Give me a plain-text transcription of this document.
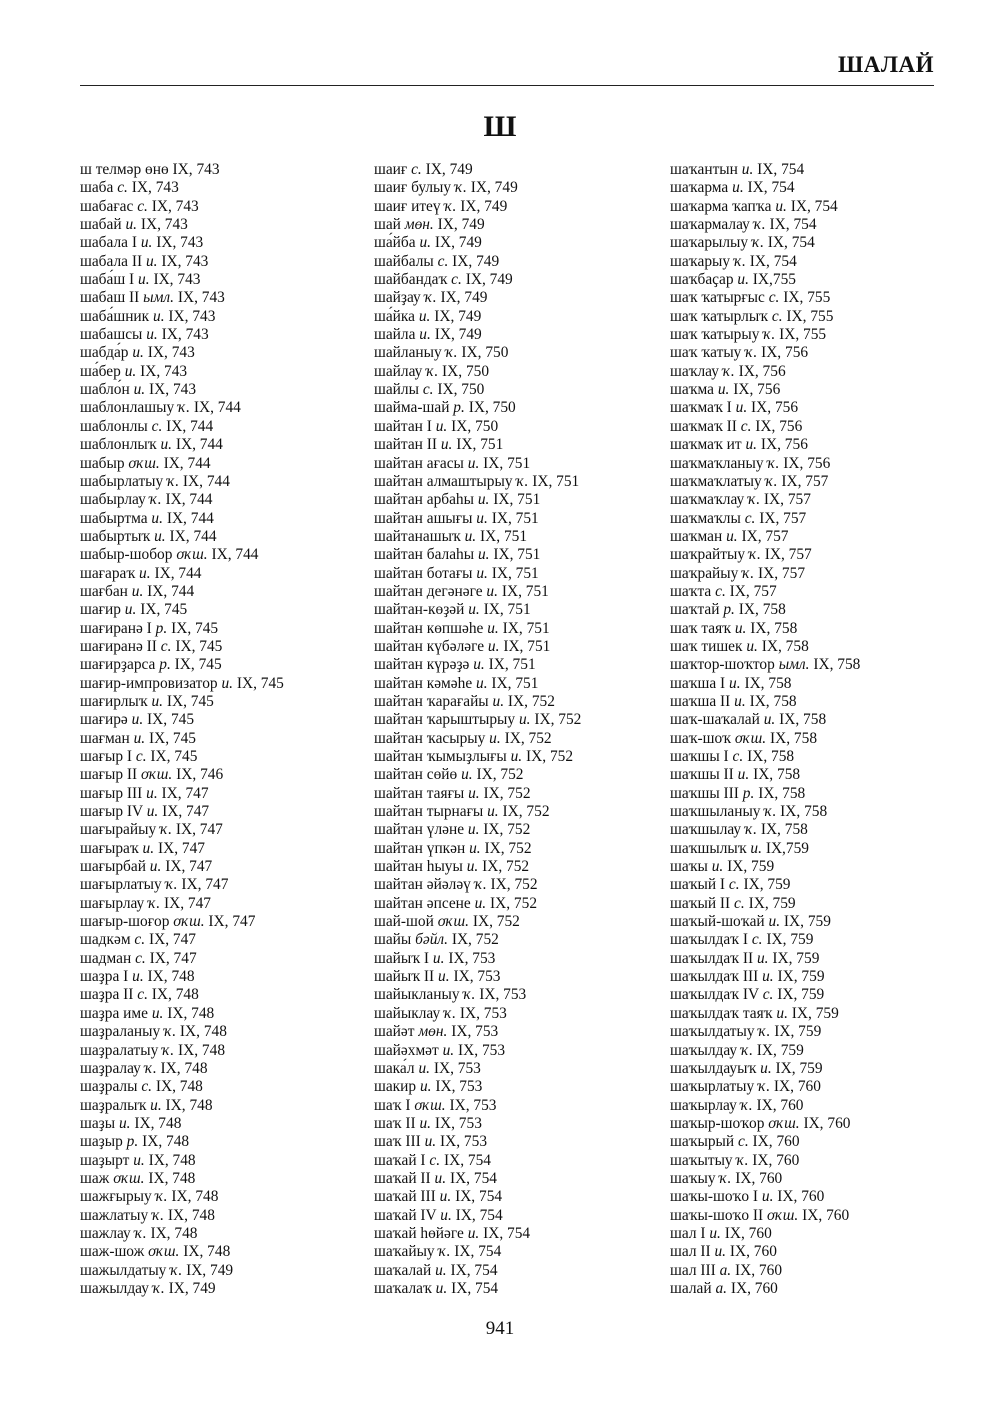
ШАЛАЙ
Ш
ш телмәр өнө IX, 743
шаба с. IX, 743
шабағас с. IX, 743
шабай и. IX, 743
шабала I и. IX, 743
шабала II и. IX, 743
шаба́ш I и. IX, 743
шабаш II ымл. IX, 743
шаба́шник и. IX, 743
шабашсы и. IX, 743
шабда́р и. IX, 743
ша́бер и. IX, 743
шабло́н и. IX, 743
шаблонлашыу ҡ. IX, 744
шаблонлы с. IX, 744
шаблонлыҡ и. IX, 744
шабыр оҡш. IX, 744
шабырлатыу ҡ. IX, 744
шабырлау ҡ. IX, 744
шабыртма и. IX, 744
шабыртыҡ и. IX, 744
шабыр-шобор оҡш. IX, 744
шағараҡ и. IX, 744
шағбан и. IX, 744
шағир и. IX, 745
шағиранә I р. IX, 745
шағиранә II с. IX, 745
шағирҙарса р. IX, 745
шағир-импровизатор и. IX, 745
шағирлыҡ и. IX, 745
шағирә и. IX, 745
шағман и. IX, 745
шағыр I с. IX, 745
шағыр II оҡш. IX, 746
шағыр III и. IX, 747
шағыр IV и. IX, 747
шағырайыу ҡ. IX, 747
шағыраҡ и. IX, 747
шағырбай и. IX, 747
шағырлатыу ҡ. IX, 747
шағырлау ҡ. IX, 747
шағыр-шоғор оҡш. IX, 747
шадкәм с. IX, 747
шадман с. IX, 747
шаҙра I и. IX, 748
шаҙра II с. IX, 748
шаҙра име и. IX, 748
шаҙраланыу ҡ. IX, 748
шаҙралатыу ҡ. IX, 748
шаҙралау ҡ. IX, 748
шаҙралы с. IX, 748
шаҙралыҡ и. IX, 748
шаҙы и. IX, 748
шаҙыр р. IX, 748
шаҙырт и. IX, 748
шаж оҡш. IX, 748
шажғырыу ҡ. IX, 748
шажлатыу ҡ. IX, 748
шажлау ҡ. IX, 748
шаж-шож оҡш. IX, 748
шажылдатыу ҡ. IX, 749
шажылдау ҡ. IX, 749
шаиғ с. IX, 749
шаиғ булыу ҡ. IX, 749
шаиғ итеү ҡ. IX, 749
шай мөн. IX, 749
ша́йба и. IX, 749
шайбалы с. IX, 749
шайбандаҡ с. IX, 749
шайҙау ҡ. IX, 749
ша́йка и. IX, 749
шайла и. IX, 749
шайланыу ҡ. IX, 750
шайлау ҡ. IX, 750
шайлы с. IX, 750
шайма-шай р. IX, 750
шайтан I и. IX, 750
шайтан II и. IX, 751
шайтан ағасы и. IX, 751
шайтан алмаштырыу ҡ. IX, 751
шайтан арбаһы и. IX, 751
шайтан ашығы и. IX, 751
шайтанашыҡ и. IX, 751
шайтан балаһы и. IX, 751
шайтан ботағы и. IX, 751
шайтан дегәнәге и. IX, 751
шайтан-көҙәй и. IX, 751
шайтан көпшәһе и. IX, 751
шайтан күбәләге и. IX, 751
шайтан күрәҙә и. IX, 751
шайтан кәмәһе и. IX, 751
шайтан ҡарағайы и. IX, 752
шайтан ҡарыштырыу и. IX, 752
шайтан ҡасырыу и. IX, 752
шайтан ҡымыҙлығы и. IX, 752
шайтан сөйө и. IX, 752
шайтан таяғы и. IX, 752
шайтан тырнағы и. IX, 752
шайтан үләне и. IX, 752
шайтан үпкән и. IX, 752
шайтан һыуы и. IX, 752
шайтан әйәләү ҡ. IX, 752
шайтан әпсене и. IX, 752
шай-шой оҡш. IX, 752
шайы бәйл. IX, 752
шайыҡ I и. IX, 753
шайыҡ II и. IX, 753
шайыкланыу ҡ. IX, 753
шайыклау ҡ. IX, 753
шайәт мөн. IX, 753
шайәхмәт и. IX, 753
шака́л и. IX, 753
шакир и. IX, 753
шаҡ I оҡш. IX, 753
шаҡ II и. IX, 753
шаҡ III и. IX, 753
шаҡай I с. IX, 754
шаҡай II и. IX, 754
шаҡай III и. IX, 754
шаҡай IV и. IX, 754
шаҡай һөйәге и. IX, 754
шаҡайыу ҡ. IX, 754
шаҡалай и. IX, 754
шаҡалаҡ и. IX, 754
шаҡантын и. IX, 754
шаҡарма и. IX, 754
шаҡарма ҡапҡа и. IX, 754
шаҡармалау ҡ. IX, 754
шаҡарылыу ҡ. IX, 754
шаҡарыу ҡ. IX, 754
шаҡбаҫар и. IX,755
шаҡ ҡатырғыс с. IX, 755
шаҡ ҡатырлыҡ с. IX, 755
шаҡ ҡатырыу ҡ. IX, 755
шаҡ ҡатыу ҡ. IX, 756
шаҡлау ҡ. IX, 756
шаҡма и. IX, 756
шаҡмаҡ I и. IX, 756
шаҡмаҡ II с. IX, 756
шаҡмаҡ ит и. IX, 756
шаҡмаҡланыу ҡ. IX, 756
шаҡмаҡлатыу ҡ. IX, 757
шаҡмаҡлау ҡ. IX, 757
шаҡмаҡлы с. IX, 757
шаҡман и. IX, 757
шаҡрайтыу ҡ. IX, 757
шаҡрайыу ҡ. IX, 757
шаҡта с. IX, 757
шаҡтай р. IX, 758
шаҡ таяҡ и. IX, 758
шаҡ тишек и. IX, 758
шаҡтор-шоҡтор ымл. IX, 758
шаҡша I и. IX, 758
шаҡша II и. IX, 758
шаҡ-шаҡалай и. IX, 758
шаҡ-шоҡ оҡш. IX, 758
шаҡшы I с. IX, 758
шаҡшы II и. IX, 758
шаҡшы III р. IX, 758
шаҡшыланыу ҡ. IX, 758
шаҡшылау ҡ. IX, 758
шаҡшылыҡ и. IX,759
шаҡы и. IX, 759
шаҡый I с. IX, 759
шаҡый II с. IX, 759
шаҡый-шоҡай и. IX, 759
шаҡылдаҡ I с. IX, 759
шаҡылдаҡ II и. IX, 759
шаҡылдаҡ III и. IX, 759
шаҡылдаҡ IV с. IX, 759
шаҡылдаҡ таяҡ и. IX, 759
шаҡылдатыу ҡ. IX, 759
шаҡылдау ҡ. IX, 759
шаҡылдауыҡ и. IX, 759
шаҡырлатыу ҡ. IX, 760
шаҡырлау ҡ. IX, 760
шаҡыр-шоҡор оҡш. IX, 760
шаҡырый с. IX, 760
шаҡытыу ҡ. IX, 760
шаҡыу ҡ. IX, 760
шаҡы-шоҡо I и. IX, 760
шаҡы-шоҡо II оҡш. IX, 760
шал I и. IX, 760
шал II и. IX, 760
шал III а. IX, 760
шалай а. IX, 760
941
